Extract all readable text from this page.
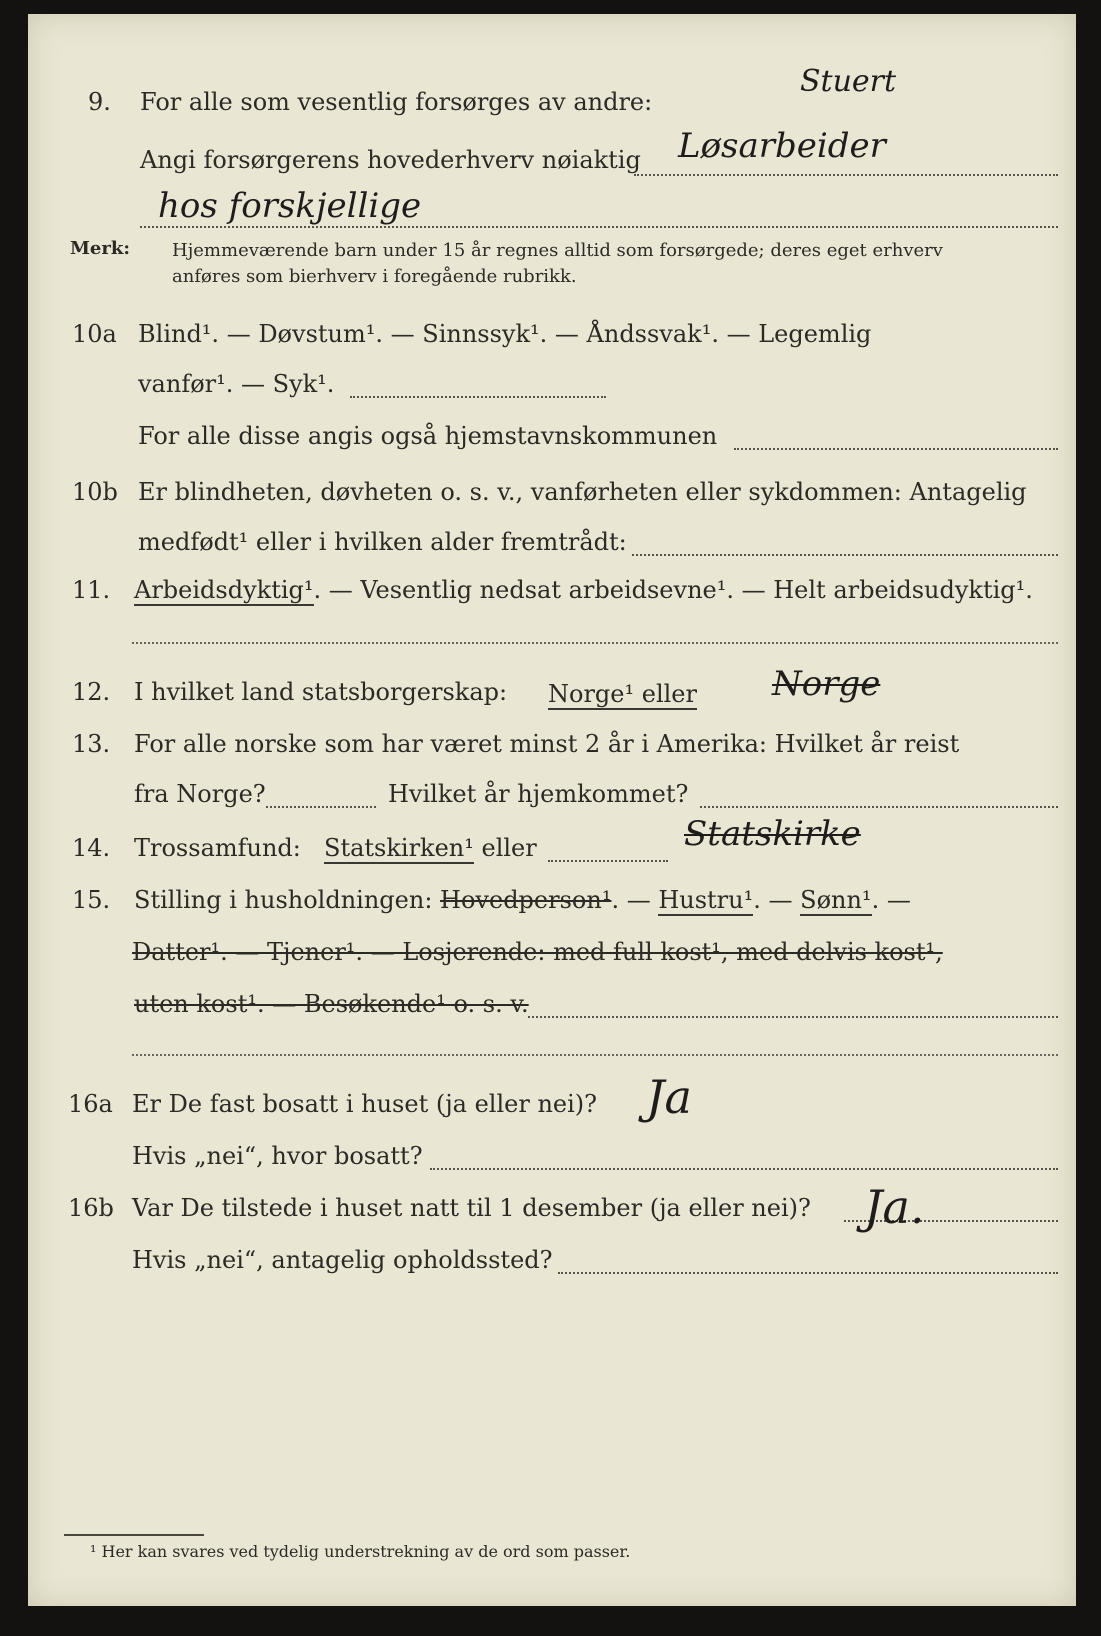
9. For alle som vesentlig forsørges av andre:
Stuert
Angi forsørgerens hovederhverv nøiaktig Løsarbeider
hos forskjellige
Merk: Hjemmeværende barn under 15 år regnes alltid som forsørgede; deres eget erhverv
anføres som bierhverv i foregående rubrikk.
10a Blind¹. — Døvstum¹. — Sinnssyk¹. — Åndssvak¹. — Legemlig
vanfør¹. — Syk¹.
For alle disse angis også hjemstavnskommunen
10b Er blindheten, døvheten o. s. v., vanførheten eller sykdommen: Antagelig
medfødt¹ eller i hvilken alder fremtrådt:
11. Arbeidsdyktig¹. — Vesentlig nedsat arbeidsevne¹. — Helt arbeidsudyktig¹.
12. I hvilket land statsborgerskap: Norge¹ eller Norge
13. For alle norske som har været minst 2 år i Amerika: Hvilket år reist
fra Norge?	Hvilket år hjemkommet?
14. Trossamfund: Statskirken¹ eller	Statskirke
15. Stilling i husholdningen: Hovedperson¹. — Hustru¹. — Sønn¹. —
Datter¹. — Tjener¹. — Losjerende: med full kost¹, med delvis kost¹,
uten kost¹. — Besøkende¹ o. s. v.
16a Er De fast bosatt i huset (ja eller nei)? Ja
Hvis „nei“, hvor bosatt?
16b Var De tilstede i huset natt til 1 desember (ja eller nei)? Ja.
Hvis „nei“, antagelig opholdssted?
¹ Her kan svares ved tydelig understrekning av de ord som passer.
